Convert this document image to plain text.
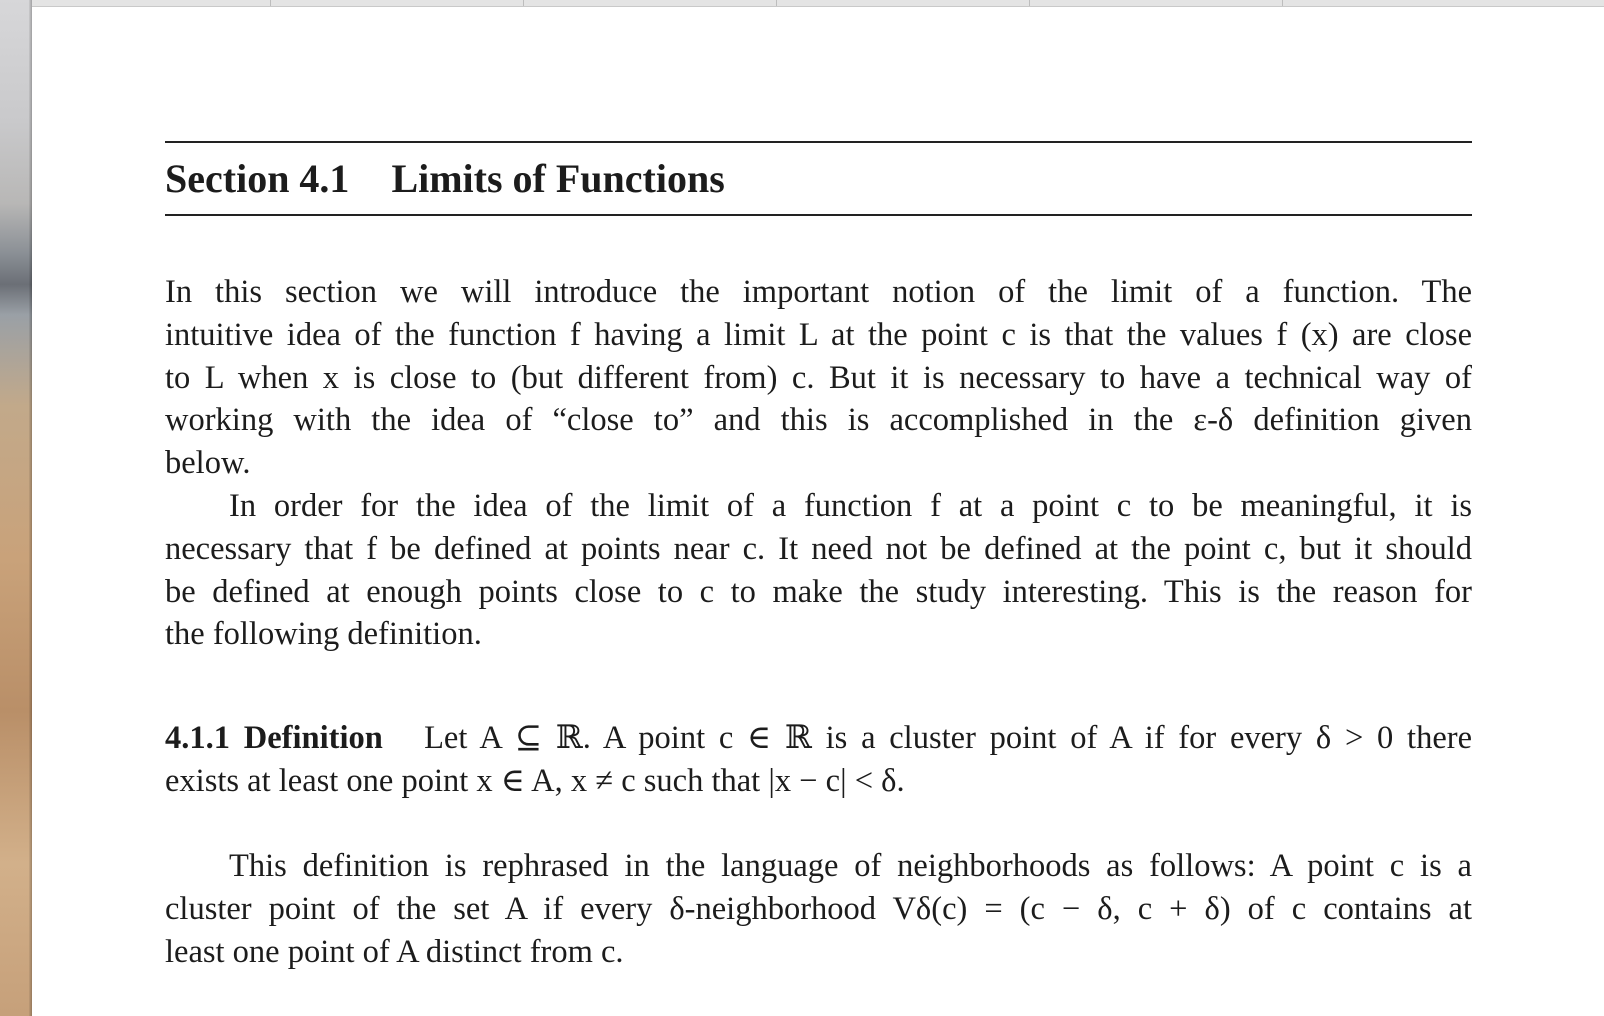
Section 4.1 Limits of Functions
In this section we will introduce the important notion of the limit of a function. The
intuitive idea of the function f having a limit L at the point c is that the values f (x) are close
to L when x is close to (but different from) c. But it is necessary to have a technical way of
working with the idea of “close to” and this is accomplished in the ε-δ definition given
below.
In order for the idea of the limit of a function f at a point c to be meaningful, it is
necessary that f be defined at points near c. It need not be defined at the point c, but it should
be defined at enough points close to c to make the study interesting. This is the reason for
the following definition.
4.1.1 Definition Let A ⊆ ℝ. A point c ∈ ℝ is a cluster point of A if for every δ > 0 there
exists at least one point x ∈ A, x ≠ c such that |x − c| < δ.
This definition is rephrased in the language of neighborhoods as follows: A point c is a
cluster point of the set A if every δ-neighborhood Vδ(c) = (c − δ, c + δ) of c contains at
least one point of A distinct from c.
